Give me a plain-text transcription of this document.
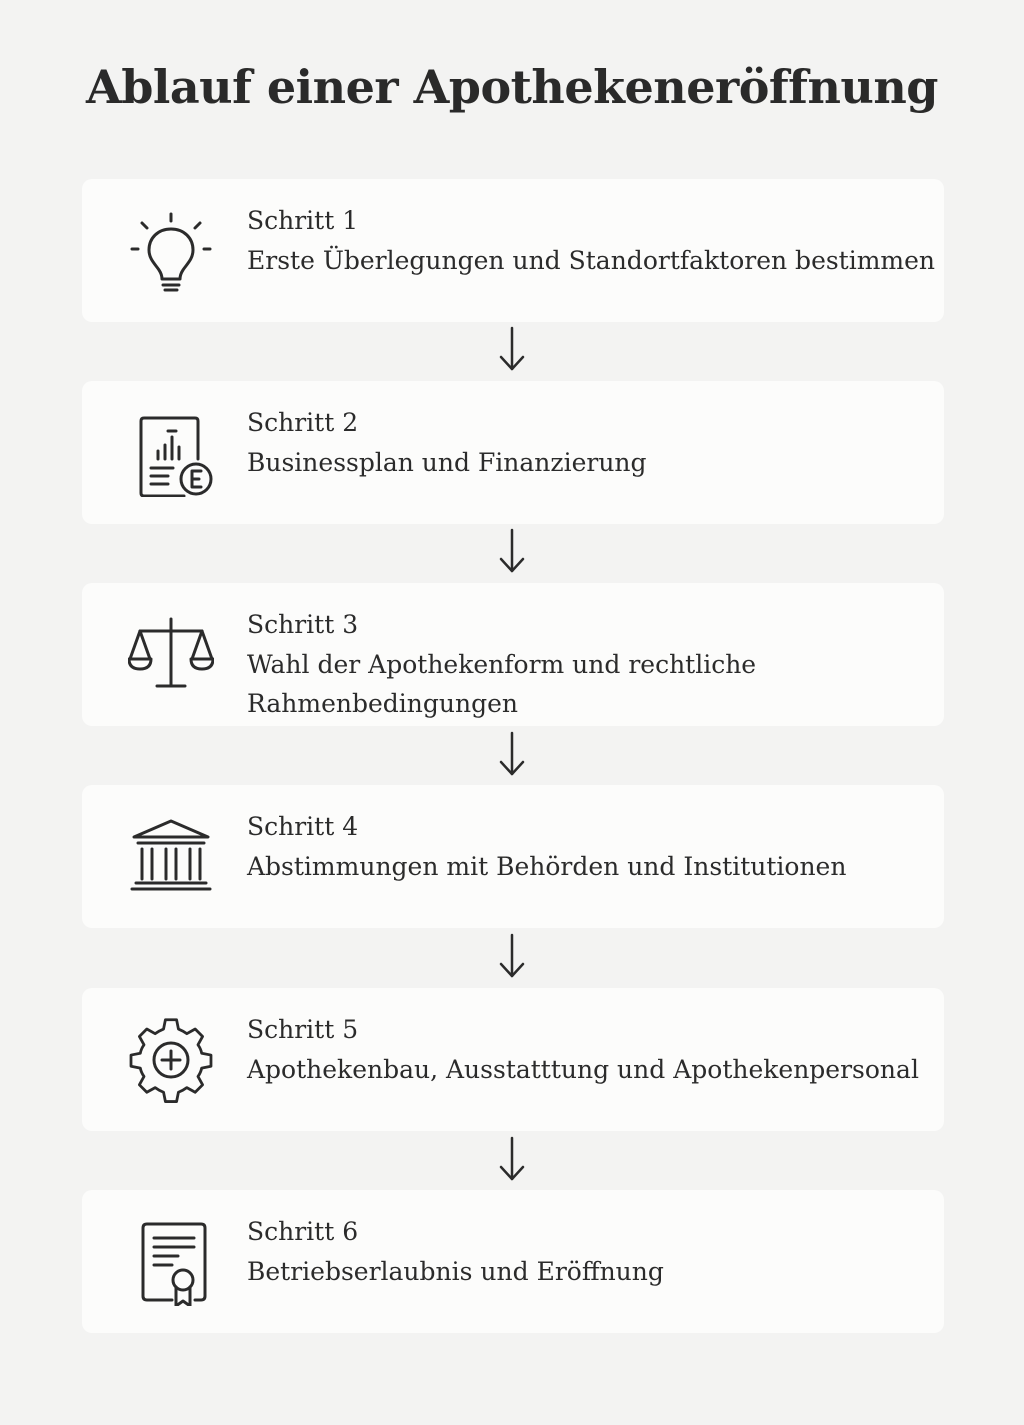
Ablauf einer Apothekeneröffnung
Schritt 1
Erste Überlegungen und Standortfaktoren bestimmen
Schritt 2
Businessplan und Finanzierung
Schritt 3
Wahl der Apothekenform und rechtliche Rahmenbedingungen
Schritt 4
Abstimmungen mit Behörden und Institutionen
Schritt 5
Apothekenbau, Ausstatttung und Apothekenpersonal
Schritt 6
Betriebserlaubnis und Eröffnung
